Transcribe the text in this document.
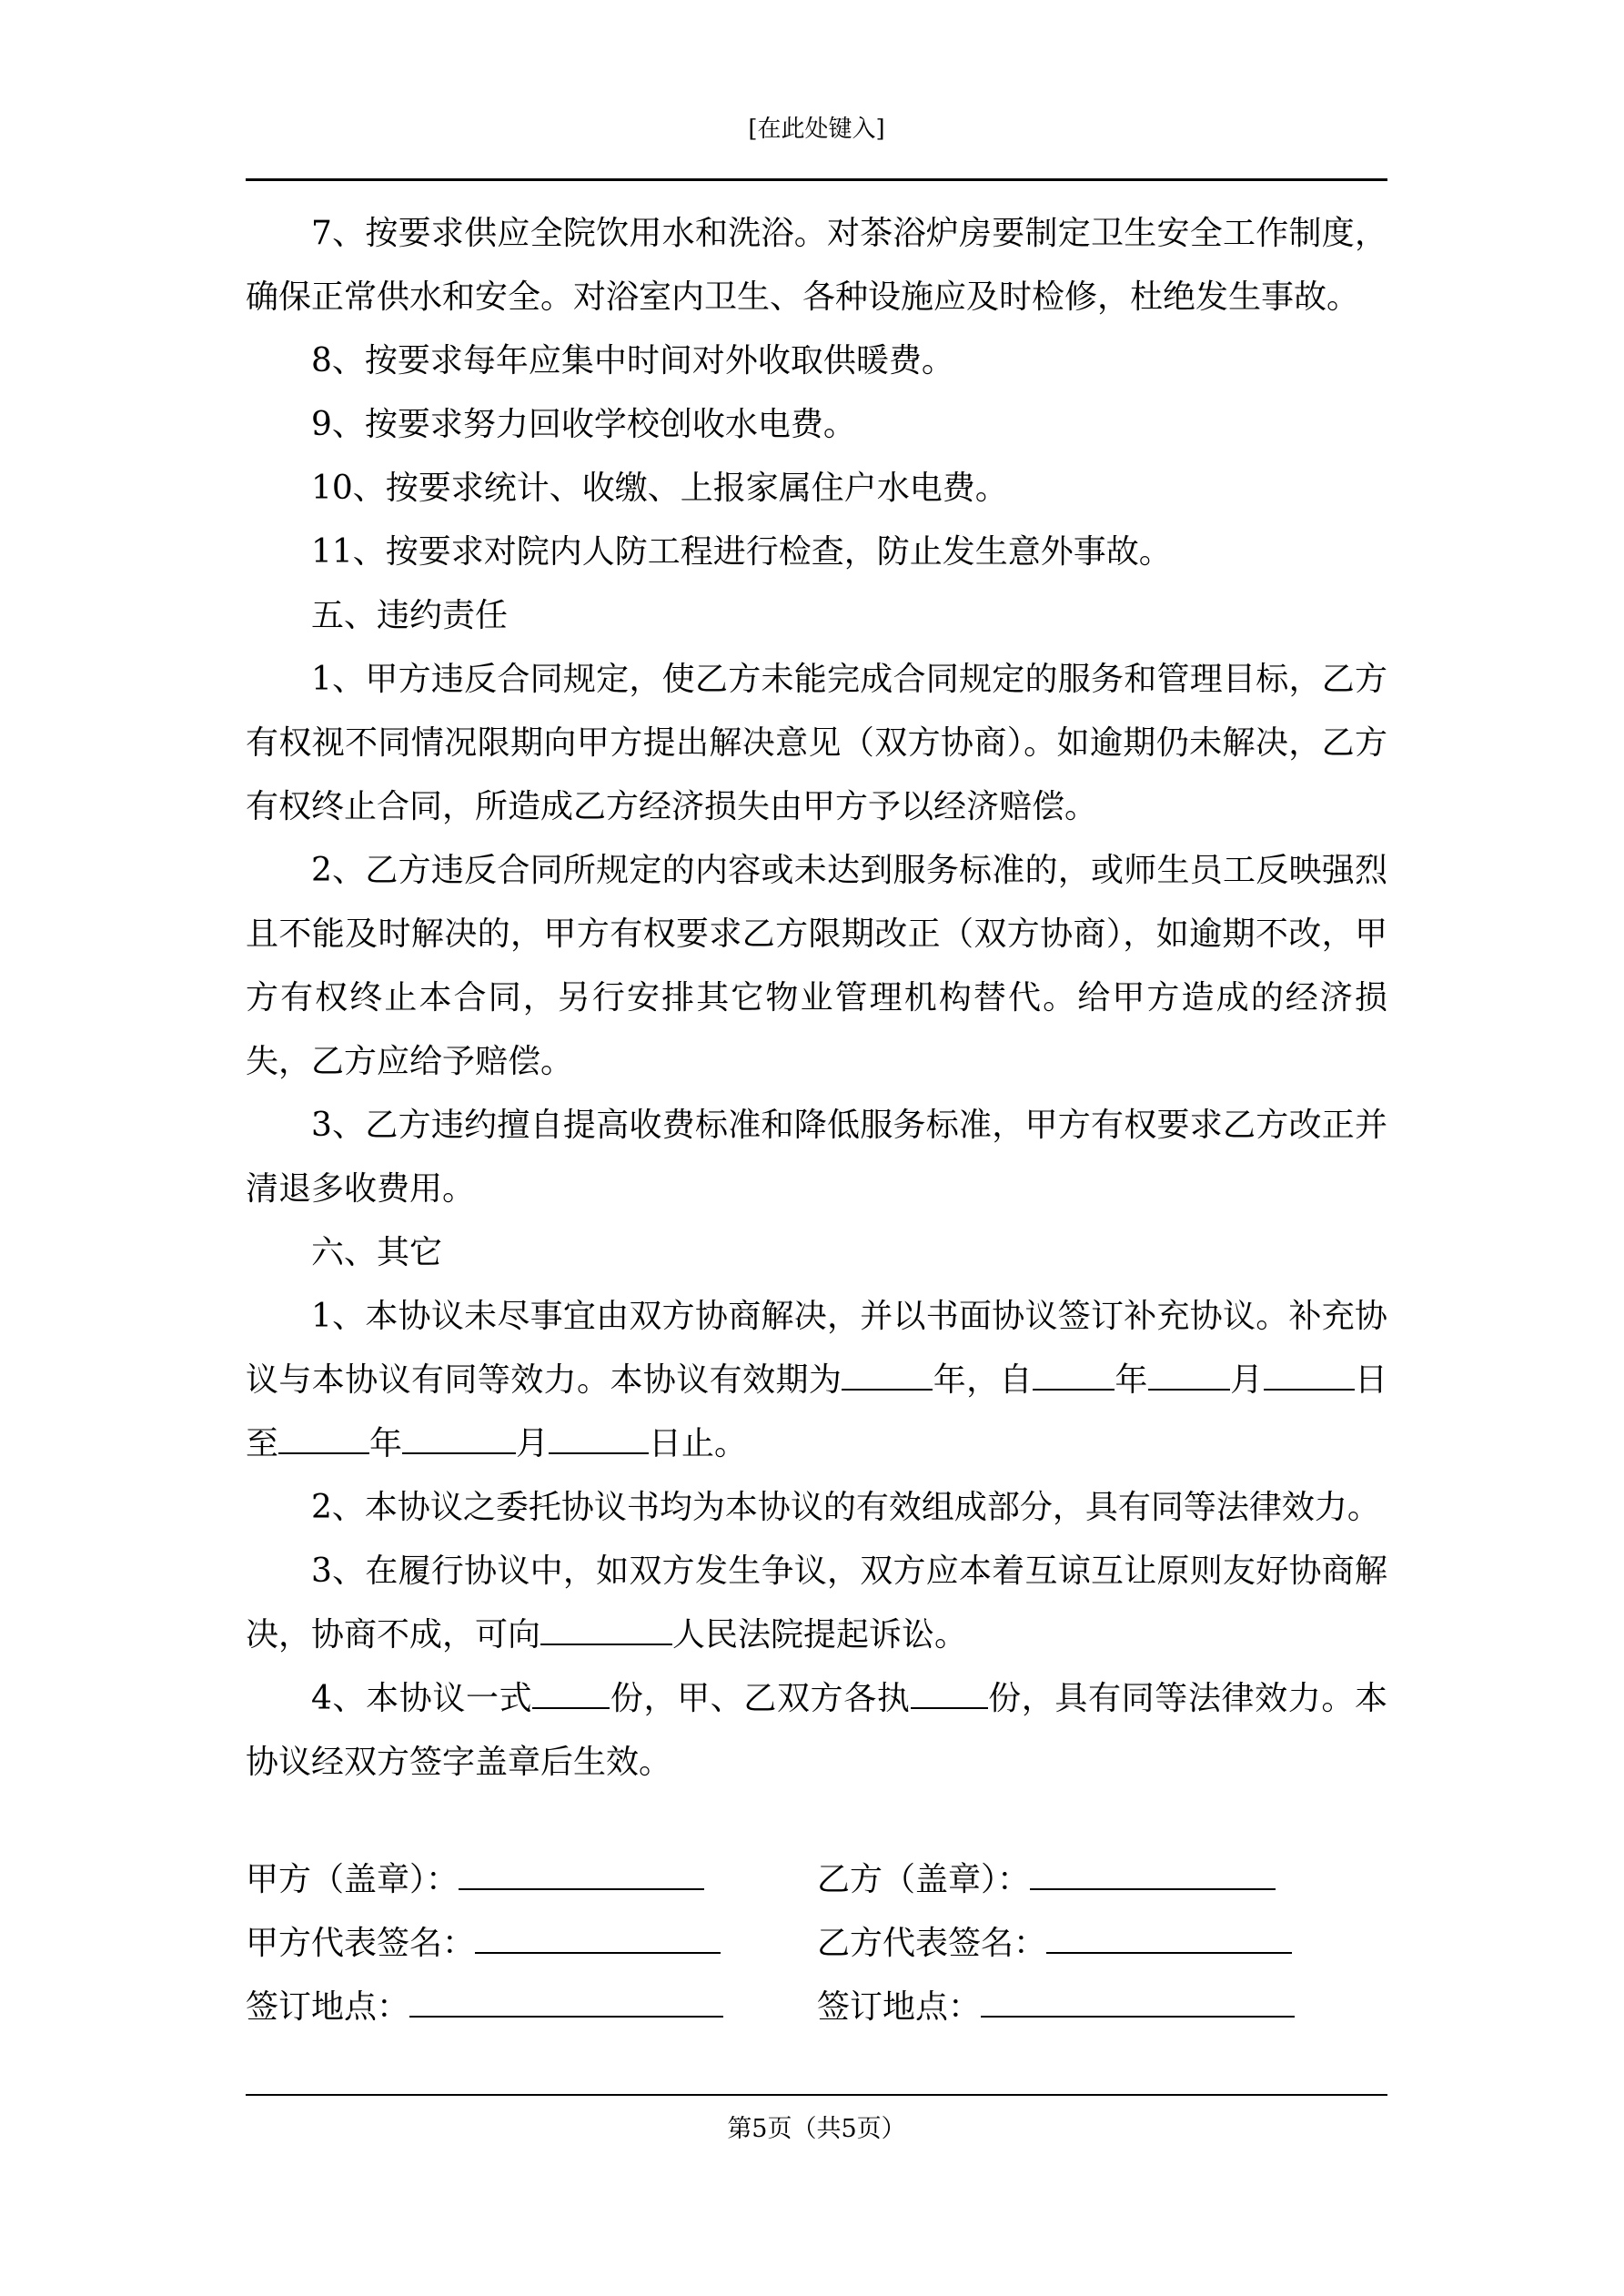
[在此处键入]

7、按要求供应全院饮用水和洗浴。对茶浴炉房要制定卫生安全工作制度，确保正常供水和安全。对浴室内卫生、各种设施应及时检修，杜绝发生事故。

8、按要求每年应集中时间对外收取供暖费。

9、按要求努力回收学校创收水电费。

10、按要求统计、收缴、上报家属住户水电费。

11、按要求对院内人防工程进行检查，防止发生意外事故。

五、违约责任

1、甲方违反合同规定，使乙方未能完成合同规定的服务和管理目标，乙方有权视不同情况限期向甲方提出解决意见（双方协商）。如逾期仍未解决，乙方有权终止合同，所造成乙方经济损失由甲方予以经济赔偿。

2、乙方违反合同所规定的内容或未达到服务标准的，或师生员工反映强烈且不能及时解决的，甲方有权要求乙方限期改正（双方协商），如逾期不改，甲方有权终止本合同，另行安排其它物业管理机构替代。给甲方造成的经济损失，乙方应给予赔偿。

3、乙方违约擅自提高收费标准和降低服务标准，甲方有权要求乙方改正并清退多收费用。

六、其它

1、本协议未尽事宜由双方协商解决，并以书面协议签订补充协议。补充协议与本协议有同等效力。本协议有效期为	年，自	年	月	日至	年	月	日止。

2、本协议之委托协议书均为本协议的有效组成部分，具有同等法律效力。

3、在履行协议中，如双方发生争议，双方应本着互谅互让原则友好协商解决，协商不成，可向	人民法院提起诉讼。

4、本协议一式 份，甲、乙双方各执 份，具有同等法律效力。本协议经双方签字盖章后生效。

甲方（盖章）：	乙方（盖章）：
甲方代表签名：	乙方代表签名：
签订地点：	签订地点：
第5页（共5页）
